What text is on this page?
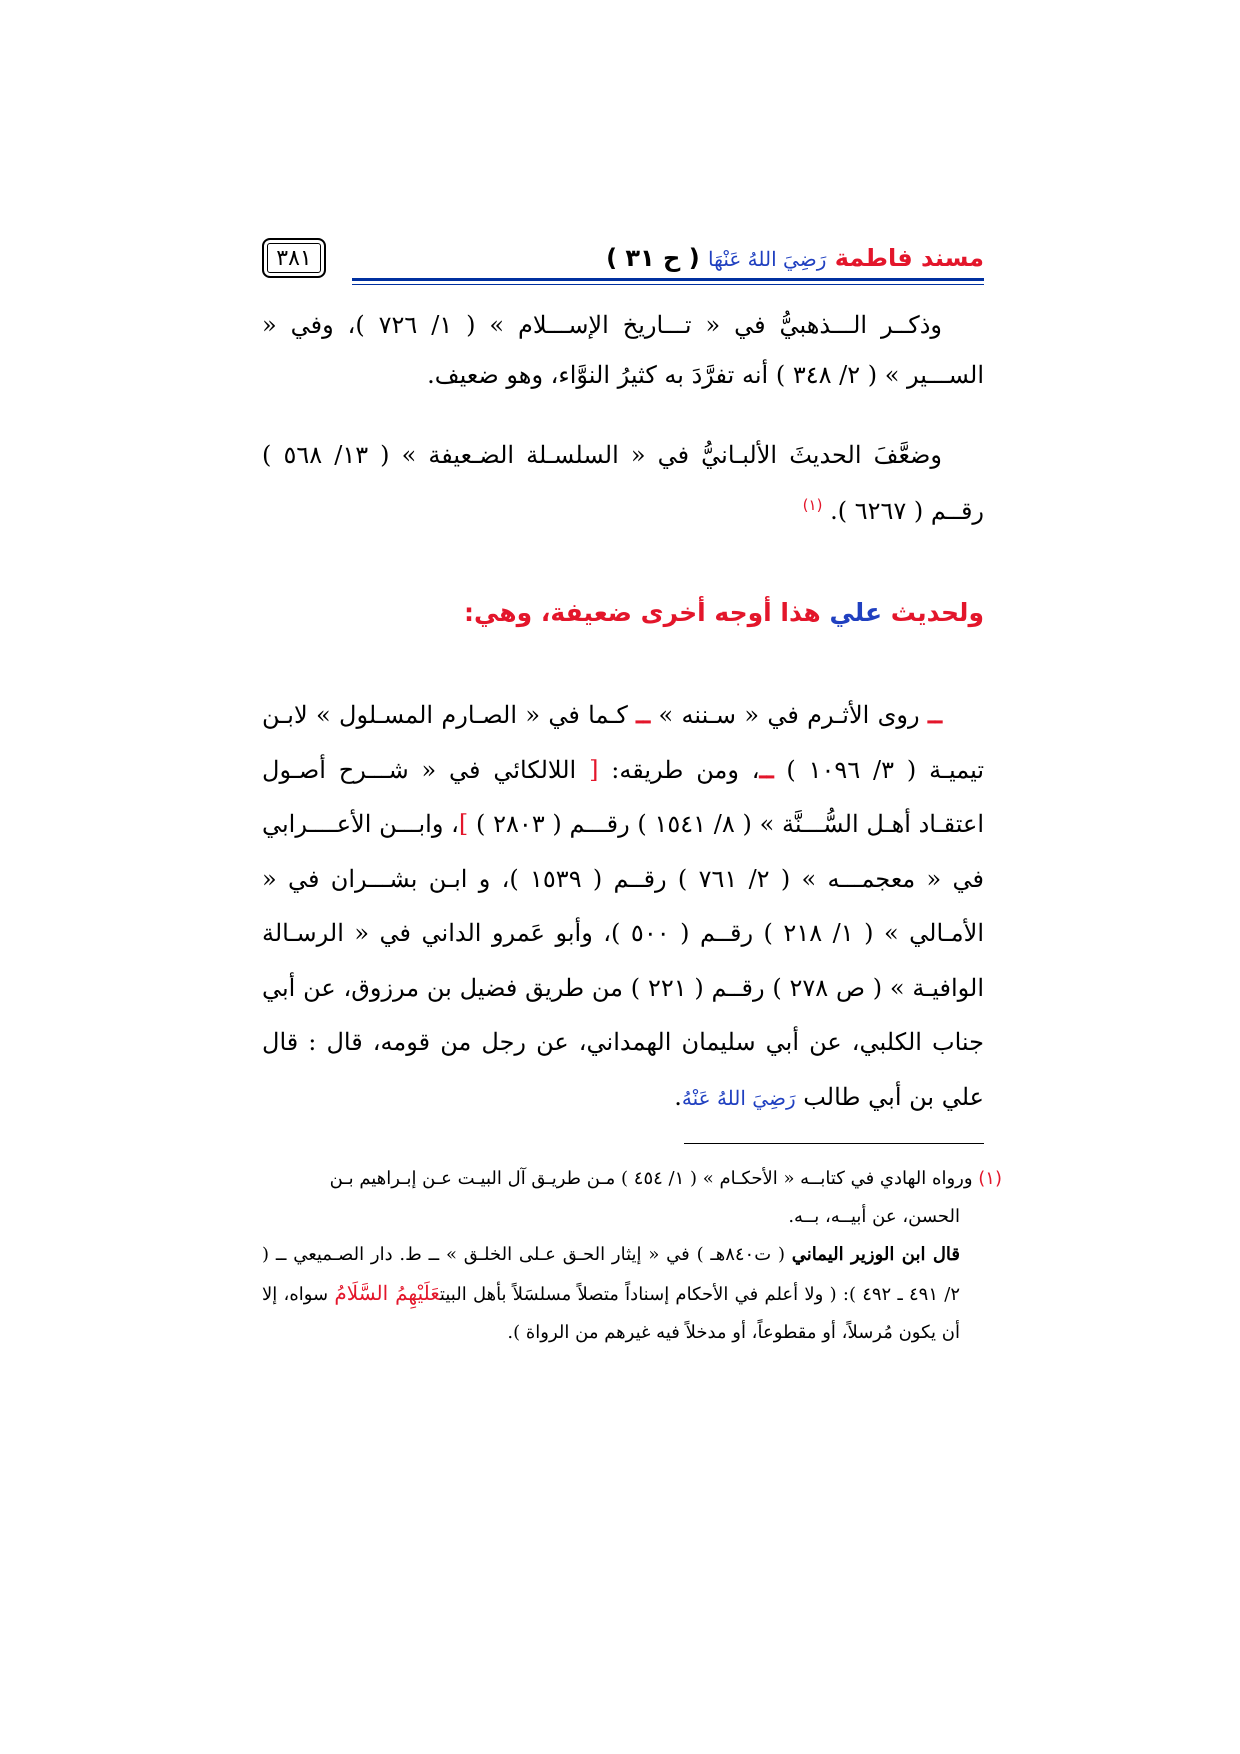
مسند فاطمة رَضِيَ اللهُ عَنْهَا ( ح ٣١ )
٣٨١

وذكــر الـــذهبيُّ في « تـــاريخ الإســـلام » ( ١/ ٧٢٦ )، وفي « الســـير » ( ٢/ ٣٤٨ ) أنه تفرَّدَ به كثيرُ النوَّاء، وهو ضعيف.

وضعَّفَ الحديثَ الألبـانيُّ في « السلسـلة الضـعيفة » ( ١٣/ ٥٦٨ ) رقــم ( ٦٢٦٧ ). $^{(١)}$

ولحديث علي هذا أوجه أخرى ضعيفة، وهي:

ــ روى الأثـرم في « سـننه » ــ كـما في « الصـارم المسـلول » لابـن تيميـة ( ٣/ ١٠٩٦ ) ــ، ومن طريقه: [ اللالكائي في « شـــرح أصـول اعتقـاد أهـل السُّـــنَّة » ( ٨/ ١٥٤١ ) رقـــم ( ٢٨٠٣ ) ]، وابـــن الأعــــرابي في « معجمـــه » ( ٢/ ٧٦١ ) رقــم ( ١٥٣٩ )، و ابـن بشـــران في « الأمـالي » ( ١/ ٢١٨ ) رقــم ( ٥٠٠ )، وأبو عَمرو الداني في « الرسـالة الوافيـة » ( ص ٢٧٨ ) رقــم ( ٢٢١ ) من طريق فضيل بن مرزوق، عن أبي جناب الكلبي، عن أبي سليمان الهمداني، عن رجل من قومه، قال : قال علي بن أبي طالب رَضِيَ اللهُ عَنْهُ.

(١) ورواه الهادي في كتابــه « الأحكـام » ( ١/ ٤٥٤ ) مـن طريـق آل البيـت عـن إبـراهيم بـن

الحسن، عن أبيــه، بــه.

قال ابن الوزير اليماني ( ت٨٤٠هـ ) في « إيثار الحـق عـلى الخلـق » ــ ط. دار الصـميعي ــ ( ٢/ ٤٩١ ـ ٤٩٢ ): ( ولا أعلم في الأحكام إسناداً متصلاً مسلسَلاً بأهل البيتعَلَيْهِمُ السَّلَامُ سواه، إلا أن يكون مُرسلاً، أو مقطوعاً، أو مدخلاً فيه غيرهم من الرواة ).
